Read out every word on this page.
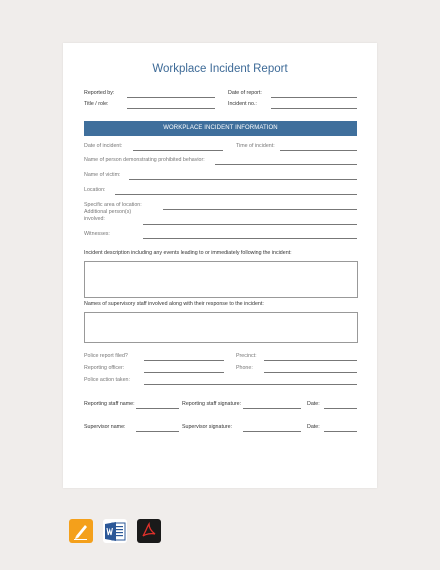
Workplace Incident Report
Reported by:	Date of report:
Title / role:	Incident no.:
WORKPLACE INCIDENT INFORMATION
Date of incident:	Time of incident:
Name of person demonstrating prohibited behavior:
Name of victim:
Location:
Specific area of location:
Additional person(s)
involved:
Witnesses:
Incident description including any events leading to or immediately following the incident:
Names of supervisory staff involved along with their response to the incident:
Police report filed?	Precinct:
Reporting officer:	Phone:
Police action taken:
Reporting staff name:	Reporting staff signature:	Date:
Supervisor name:	Supervisor signature:	Date:
